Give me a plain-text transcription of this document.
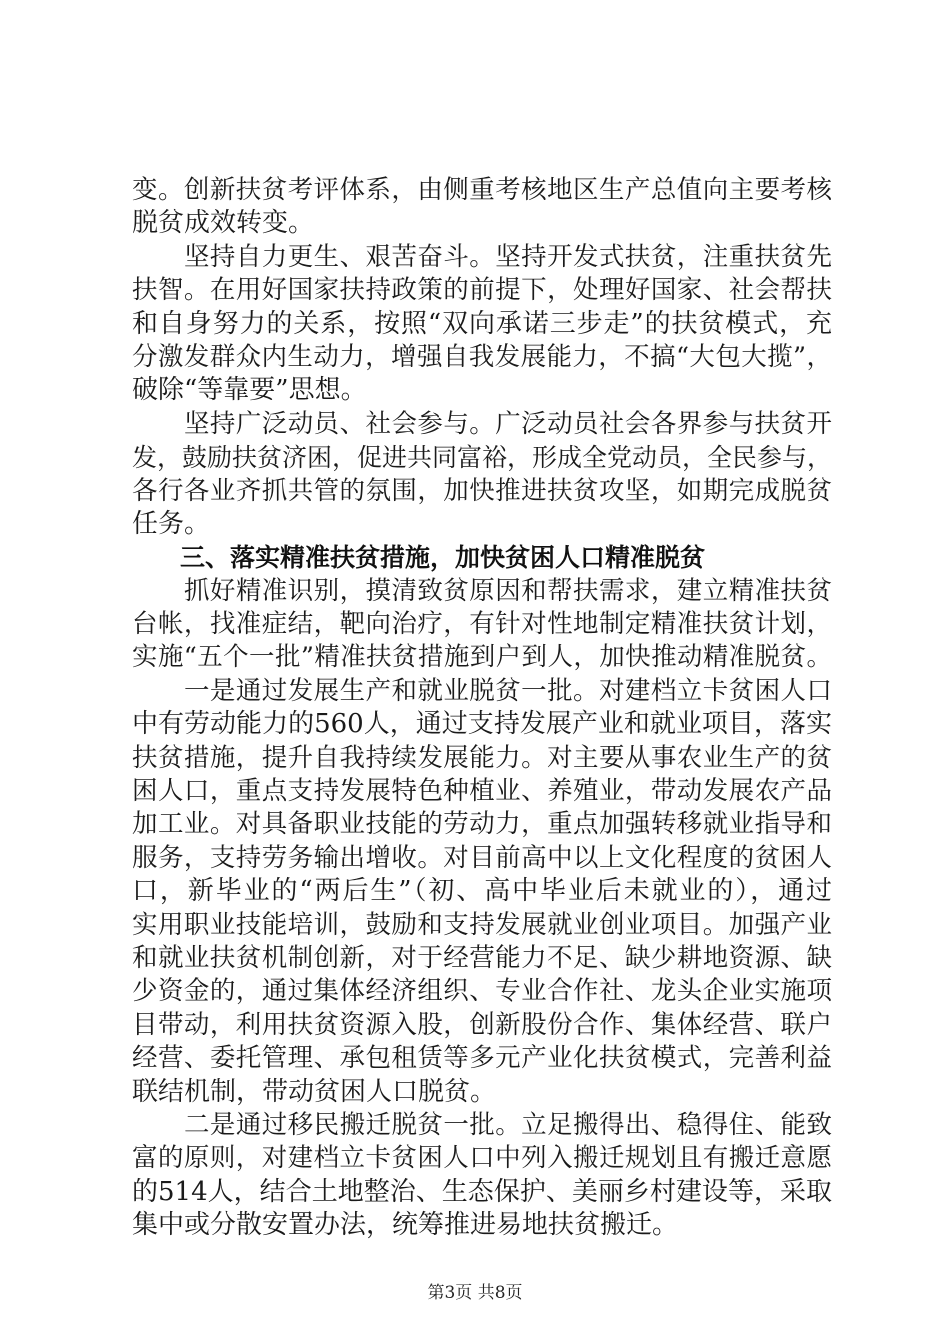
变。创新扶贫考评体系，由侧重考核地区生产总值向主要考核
脱贫成效转变。
坚持自力更生、艰苦奋斗。坚持开发式扶贫，注重扶贫先
扶智。在用好国家扶持政策的前提下，处理好国家、社会帮扶
和自身努力的关系，按照“双向承诺三步走”的扶贫模式，充
分激发群众内生动力，增强自我发展能力，不搞“大包大揽”，
破除“等靠要”思想。
坚持广泛动员、社会参与。广泛动员社会各界参与扶贫开
发，鼓励扶贫济困，促进共同富裕，形成全党动员，全民参与，
各行各业齐抓共管的氛围，加快推进扶贫攻坚，如期完成脱贫
任务。
三、落实精准扶贫措施，加快贫困人口精准脱贫
抓好精准识别，摸清致贫原因和帮扶需求，建立精准扶贫
台帐，找准症结，靶向治疗，有针对性地制定精准扶贫计划，
实施“五个一批”精准扶贫措施到户到人，加快推动精准脱贫。
一是通过发展生产和就业脱贫一批。对建档立卡贫困人口
中有劳动能力的560人，通过支持发展产业和就业项目，落实
扶贫措施，提升自我持续发展能力。对主要从事农业生产的贫
困人口，重点支持发展特色种植业、养殖业，带动发展农产品
加工业。对具备职业技能的劳动力，重点加强转移就业指导和
服务，支持劳务输出增收。对目前高中以上文化程度的贫困人
口，新毕业的“两后生”（初、高中毕业后未就业的），通过
实用职业技能培训，鼓励和支持发展就业创业项目。加强产业
和就业扶贫机制创新，对于经营能力不足、缺少耕地资源、缺
少资金的，通过集体经济组织、专业合作社、龙头企业实施项
目带动，利用扶贫资源入股，创新股份合作、集体经营、联户
经营、委托管理、承包租赁等多元产业化扶贫模式，完善利益
联结机制，带动贫困人口脱贫。
二是通过移民搬迁脱贫一批。立足搬得出、稳得住、能致
富的原则，对建档立卡贫困人口中列入搬迁规划且有搬迁意愿
的514人，结合土地整治、生态保护、美丽乡村建设等，采取
集中或分散安置办法，统筹推进易地扶贫搬迁。
第3页 共8页
